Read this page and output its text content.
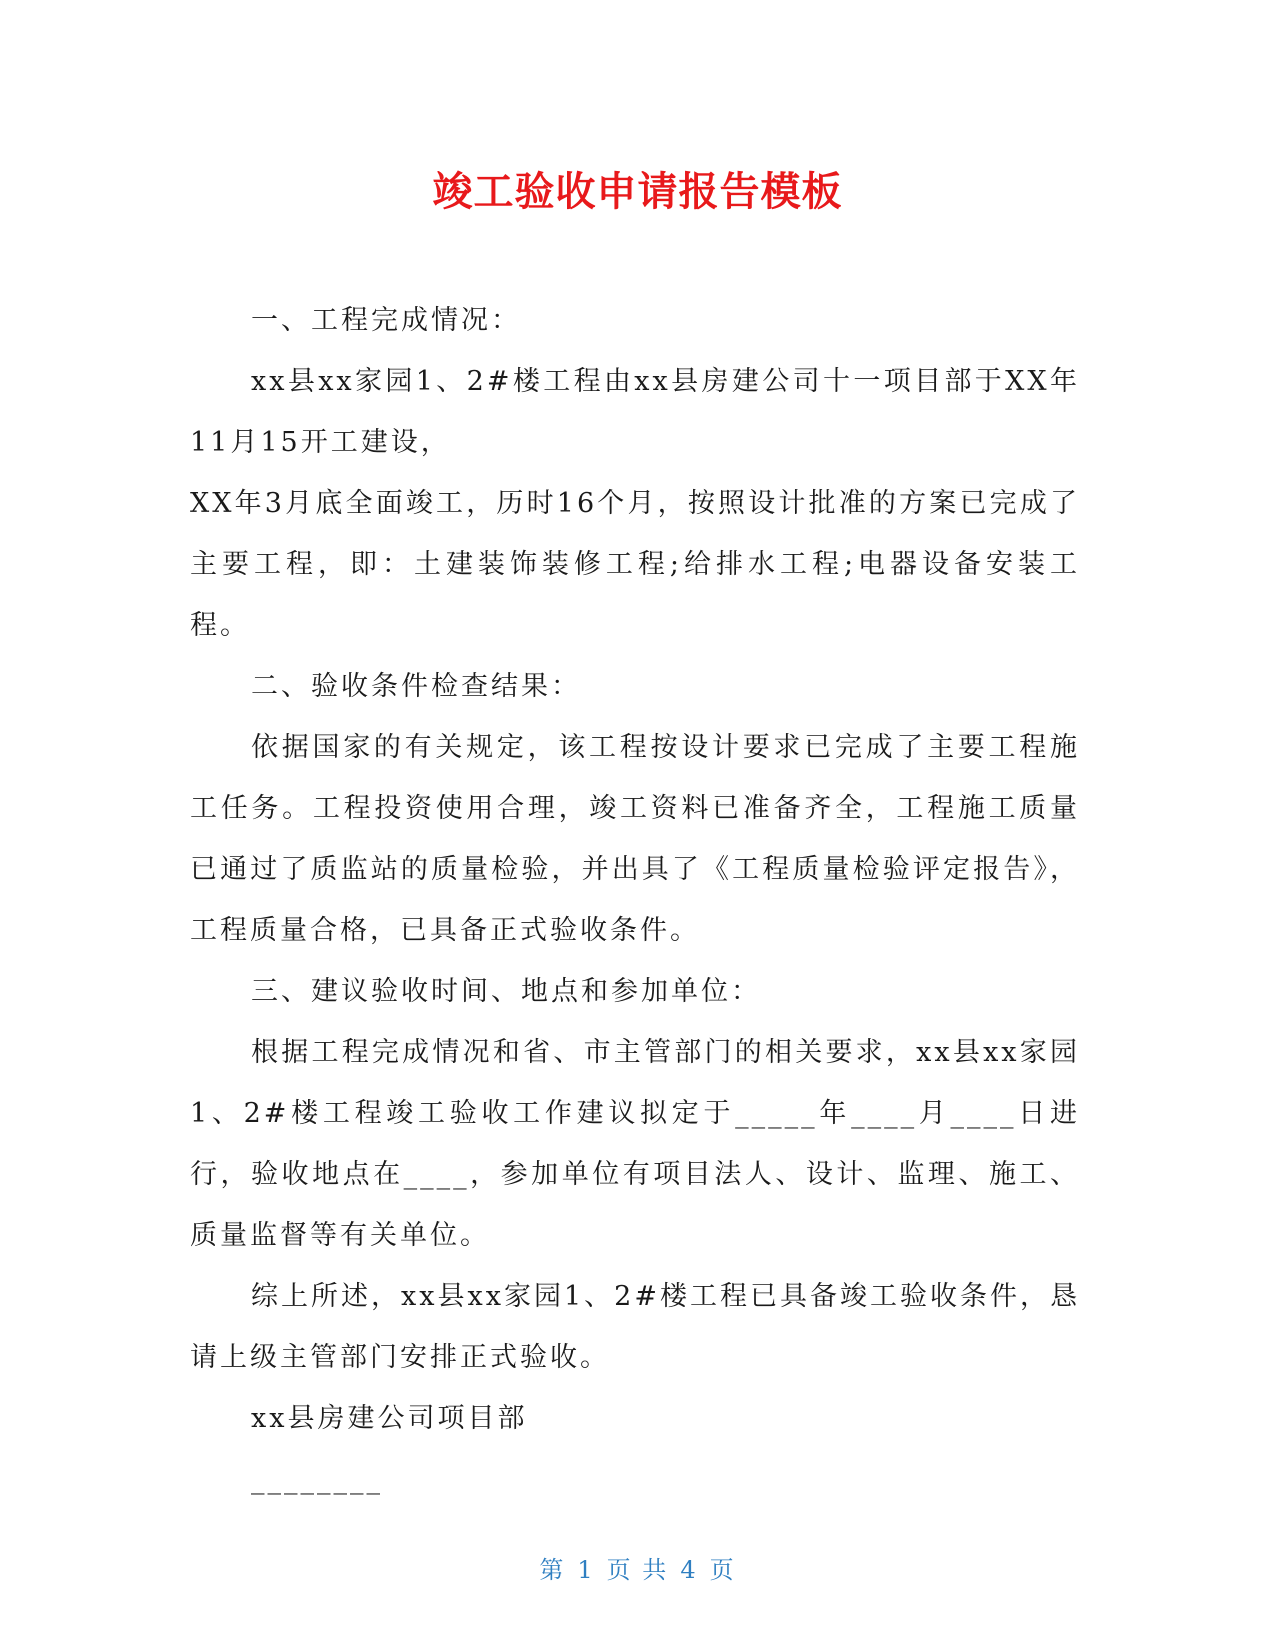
竣工验收申请报告模板

一、工程完成情况：

xx县xx家园1、2#楼工程由xx县房建公司十一项目部于XX年11月15开工建设，

XX年3月底全面竣工，历时16个月，按照设计批准的方案已完成了主要工程，即：土建装饰装修工程;给排水工程;电器设备安装工程。

二、验收条件检查结果：

依据国家的有关规定，该工程按设计要求已完成了主要工程施工任务。工程投资使用合理，竣工资料已准备齐全，工程施工质量已通过了质监站的质量检验，并出具了《工程质量检验评定报告》，工程质量合格，已具备正式验收条件。

三、建议验收时间、地点和参加单位：

根据工程完成情况和省、市主管部门的相关要求，xx县xx家园1、2#楼工程竣工验收工作建议拟定于_____年____月____日进行，验收地点在____，参加单位有项目法人、设计、监理、施工、质量监督等有关单位。

综上所述，xx县xx家园1、2#楼工程已具备竣工验收条件，恳请上级主管部门安排正式验收。

xx县房建公司项目部

________

第 1 页 共 4 页
